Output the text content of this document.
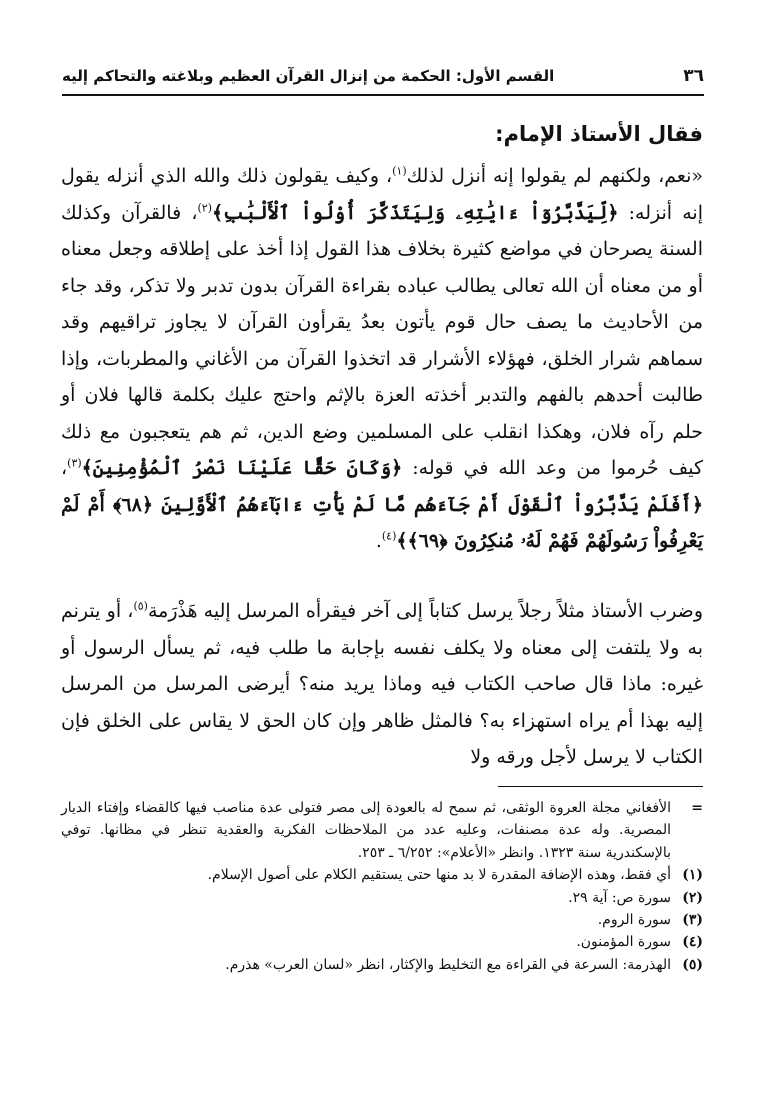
٣٦
القسم الأول: الحكمة من إنزال القرآن العظيم وبلاغته والتحاكم إليه
فقال الأستاذ الإمام:

«نعم، ولكنهم لم يقولوا إنه أنزل لذلك$^{(١)}$، وكيف يقولون ذلك والله الذي أنزله يقول إنه أنزله: ﴿لِّيَدَّبَّرُوٓاْ ءَايَٰتِهِۦ وَلِيَتَذَكَّرَ أُوْلُواْ ٱلْأَلْبَٰبِ﴾$^{(٢)}$، فالقرآن وكذلك السنة يصرحان في مواضع كثيرة بخلاف هذا القول إذا أخذ على إطلاقه وجعل معناه أو من معناه أن الله تعالى يطالب عباده بقراءة القرآن بدون تدبر ولا تذكر، وقد جاء من الأحاديث ما يصف حال قوم يأتون بعدُ يقرأون القرآن لا يجاوز تراقيهم وقد سماهم شرار الخلق، فهؤلاء الأشرار قد اتخذوا القرآن من الأغاني والمطربات، وإذا طالبت أحدهم بالفهم والتدبر أخذته العزة بالإثم واحتج عليك بكلمة قالها فلان أو حلم رآه فلان، وهكذا انقلب على المسلمين وضع الدين، ثم هم يتعجبون مع ذلك كيف حُرموا من وعد الله في قوله: ﴿وَكَانَ حَقًّا عَلَيْنَا نَصْرُ ٱلْمُؤْمِنِينَ﴾$^{(٣)}$، ﴿أَفَلَمْ يَدَّبَّرُواْ ٱلْقَوْلَ أَمْ جَآءَهُم مَّا لَمْ يَأْتِ ءَابَآءَهُمُ ٱلْأَوَّلِينَ ﴿٦٨﴾ أَمْ لَمْ يَعْرِفُواْ رَسُولَهُمْ فَهُمْ لَهُۥ مُنكِرُونَ ﴿٦٩﴾﴾$^{(٤)}$.

وضرب الأستاذ مثلاً رجلاً يرسل كتاباً إلى آخر فيقرأه المرسل إليه هَذْرَمة$^{(٥)}$، أو يترنم به ولا يلتفت إلى معناه ولا يكلف نفسه بإجابة ما طلب فيه، ثم يسأل الرسول أو غيره: ماذا قال صاحب الكتاب فيه وماذا يريد منه؟ أيرضى المرسل من المرسل إليه بهذا أم يراه استهزاء به؟ فالمثل ظاهر وإن كان الحق لا يقاس على الخلق فإن الكتاب لا يرسل لأجل ورقه ولا

=
الأفغاني مجلة العروة الوثقى، ثم سمح له بالعودة إلى مصر فتولى عدة مناصب فيها كالقضاء وإفتاء الديار المصرية. وله عدة مصنفات، وعليه عدد من الملاحظات الفكرية والعقدية تنظر في مظانها. توفي بالإسكندرية سنة ١٣٢٣. وانظر «الأعلام»: ٦/٢٥٢ ـ ٢٥٣.
(١)
أي فقط، وهذه الإضافة المقدرة لا بد منها حتى يستقيم الكلام على أصول الإسلام.
(٢)
سورة ص: آية ٢٩.
(٣)
سورة الروم.
(٤)
سورة المؤمنون.
(٥)
الهذرمة: السرعة في القراءة مع التخليط والإكثار، انظر «لسان العرب» هذرم.
